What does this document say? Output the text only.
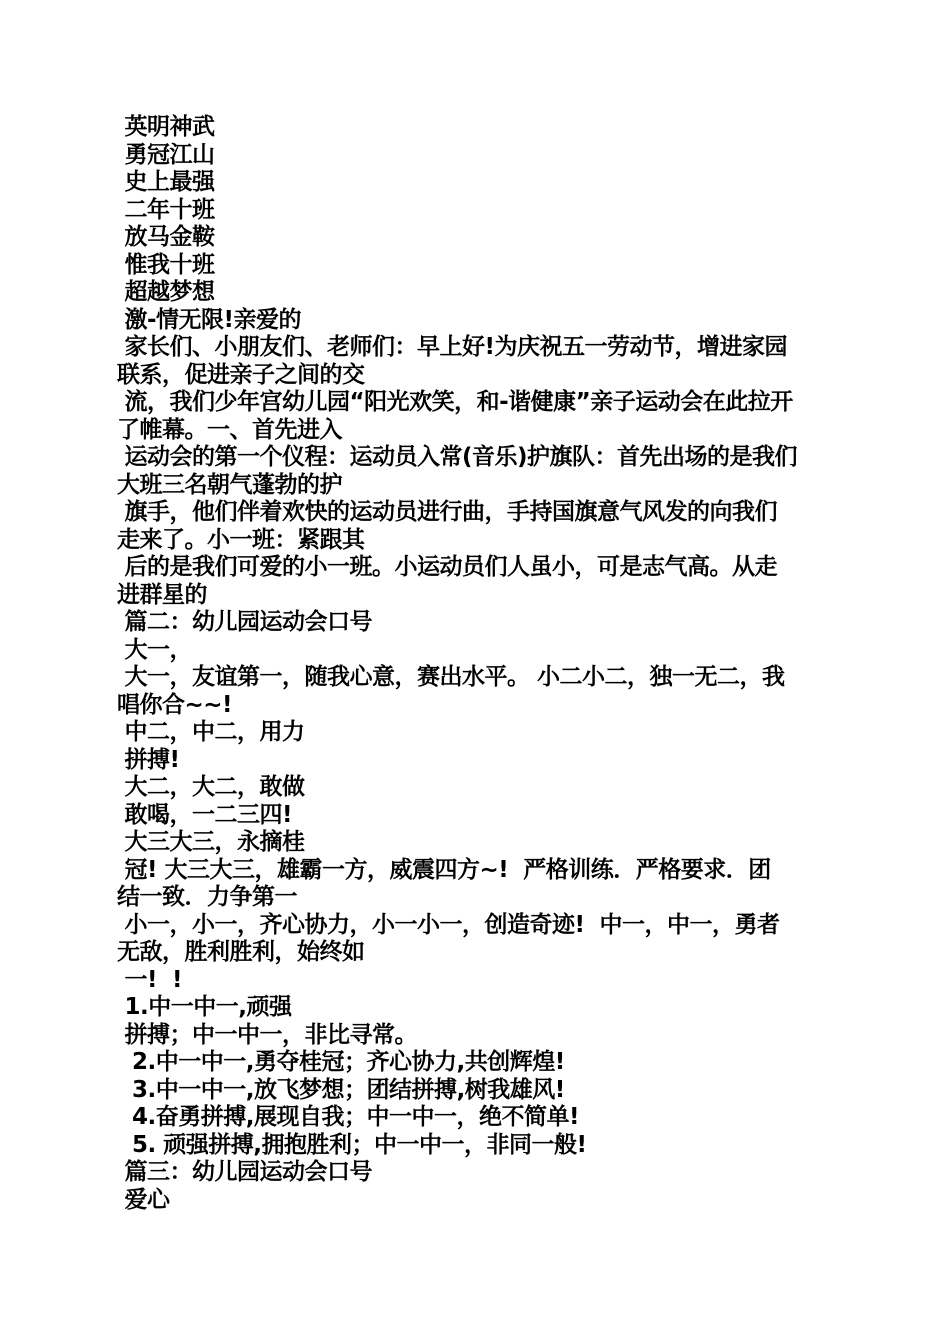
英明神武
勇冠江山
史上最强
二年十班
放马金鞍
惟我十班
超越梦想
激-情无限!亲爱的
家长们、小朋友们、老师们：早上好!为庆祝五一劳动节，增进家园
联系，促进亲子之间的交
流，我们少年宫幼儿园“阳光欢笑，和-谐健康”亲子运动会在此拉开
了帷幕。一、首先进入
运动会的第一个仪程：运动员入常(音乐)护旗队：首先出场的是我们
大班三名朝气蓬勃的护
旗手，他们伴着欢快的运动员进行曲，手持国旗意气风发的向我们
走来了。小一班：紧跟其
后的是我们可爱的小一班。小运动员们人虽小，可是志气高。从走
进群星的
篇二：幼儿园运动会口号
大一，
大一，友谊第一，随我心意，赛出水平。 小二小二，独一无二，我
唱你合~~!
中二，中二，用力
拼搏!
大二，大二，敢做
敢喝，一二三四!
大三大三，永摘桂
冠! 大三大三，雄霸一方，威震四方~!  严格训练．严格要求．团
结一致．力争第一
小一，小一，齐心协力，小一小一，创造奇迹!  中一，中一，勇者
无敌，胜利胜利，始终如
一!  !
1.中一中一,顽强
拼搏；中一中一，非比寻常。
2.中一中一,勇夺桂冠；齐心协力,共创辉煌!
3.中一中一,放飞梦想；团结拼搏,树我雄风!
4.奋勇拼搏,展现自我；中一中一，绝不简单!
5. 顽强拼搏,拥抱胜利；中一中一，非同一般!
篇三：幼儿园运动会口号
爱心
